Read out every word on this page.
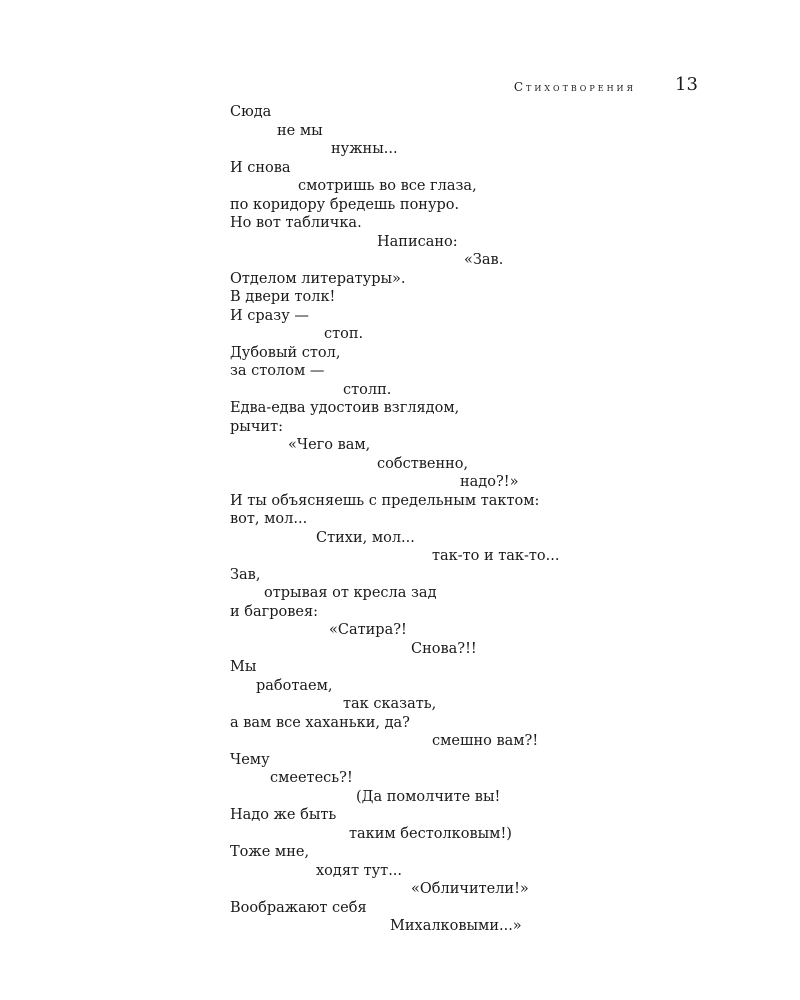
Стихотворения 13
Сюда
не мы
нужны...
И снова
смотришь во все глаза,
по коридору бредешь понуро.
Но вот табличка.
Написано:
«Зав.
Отделом литературы».
В двери толк!
И сразу —
стоп.
Дубовый стол,
за столом —
столп.
Едва-едва удостоив взглядом,
рычит:
«Чего вам,
собственно,
надо?!»
И ты объясняешь с предельным тактом:
вот, мол...
Стихи, мол...
так-то и так-то...
Зав,
отрывая от кресла зад
и багровея:
«Сатира?!
Снова?!!
Мы
работаем,
так сказать,
а вам все хаханьки, да?
смешно вам?!
Чему
смеетесь?!
(Да помолчите вы!
Надо же быть
таким бестолковым!)
Тоже мне,
ходят тут...
«Обличители!»
Воображают себя
Михалковыми...»
